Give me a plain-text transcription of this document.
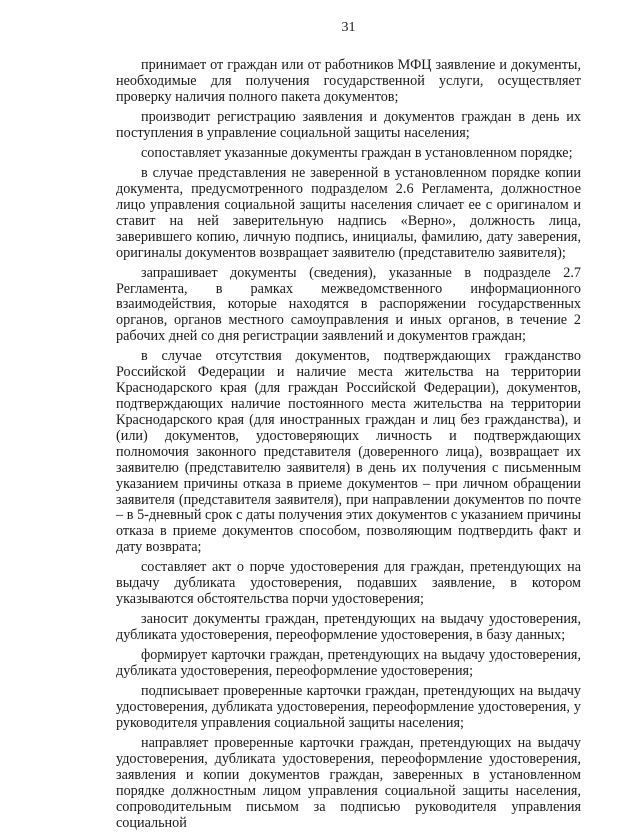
31

принимает от граждан или от работников МФЦ заявление и документы, необходимые для получения государственной услуги, осуществляет проверку наличия полного пакета документов;

производит регистрацию заявления и документов граждан в день их поступления в управление социальной защиты населения;

сопоставляет указанные документы граждан в установленном порядке;

в случае представления не заверенной в установленном порядке копии документа, предусмотренного подразделом 2.6 Регламента, должностное лицо управления социальной защиты населения сличает ее с оригиналом и ставит на ней заверительную надпись «Верно», должность лица, заверившего копию, личную подпись, инициалы, фамилию, дату заверения, оригиналы документов возвращает заявителю (представителю заявителя);

запрашивает документы (сведения), указанные в подразделе 2.7 Регламента, в рамках межведомственного информационного взаимодействия, которые находятся в распоряжении государственных органов, органов местного самоуправления и иных органов, в течение 2 рабочих дней со дня регистрации заявлений и документов граждан;

в случае отсутствия документов, подтверждающих гражданство Российской Федерации и наличие места жительства на территории Краснодарского края (для граждан Российской Федерации), документов, подтверждающих наличие постоянного места жительства на территории Краснодарского края (для иностранных граждан и лиц без гражданства), и (или) документов, удостоверяющих личность и подтверждающих полномочия законного представителя (доверенного лица), возвращает их заявителю (представителю заявителя) в день их получения с письменным указанием причины отказа в приеме документов – при личном обращении заявителя (представителя заявителя), при направлении документов по почте – в 5-дневный срок с даты получения этих документов с указанием причины отказа в приеме документов способом, позволяющим подтвердить факт и дату возврата;

составляет акт о порче удостоверения для граждан, претендующих на выдачу дубликата удостоверения, подавших заявление, в котором указываются обстоятельства порчи удостоверения;

заносит документы граждан, претендующих на выдачу удостоверения, дубликата удостоверения, переоформление удостоверения, в базу данных;

формирует карточки граждан, претендующих на выдачу удостоверения, дубликата удостоверения, переоформление удостоверения;

подписывает проверенные карточки граждан, претендующих на выдачу удостоверения, дубликата удостоверения, переоформление удостоверения, у руководителя управления социальной защиты населения;

направляет проверенные карточки граждан, претендующих на выдачу удостоверения, дубликата удостоверения, переоформление удостоверения, заявления и копии документов граждан, заверенных в установленном порядке должностным лицом управления социальной защиты населения, сопроводительным письмом за подписью руководителя управления социальной
